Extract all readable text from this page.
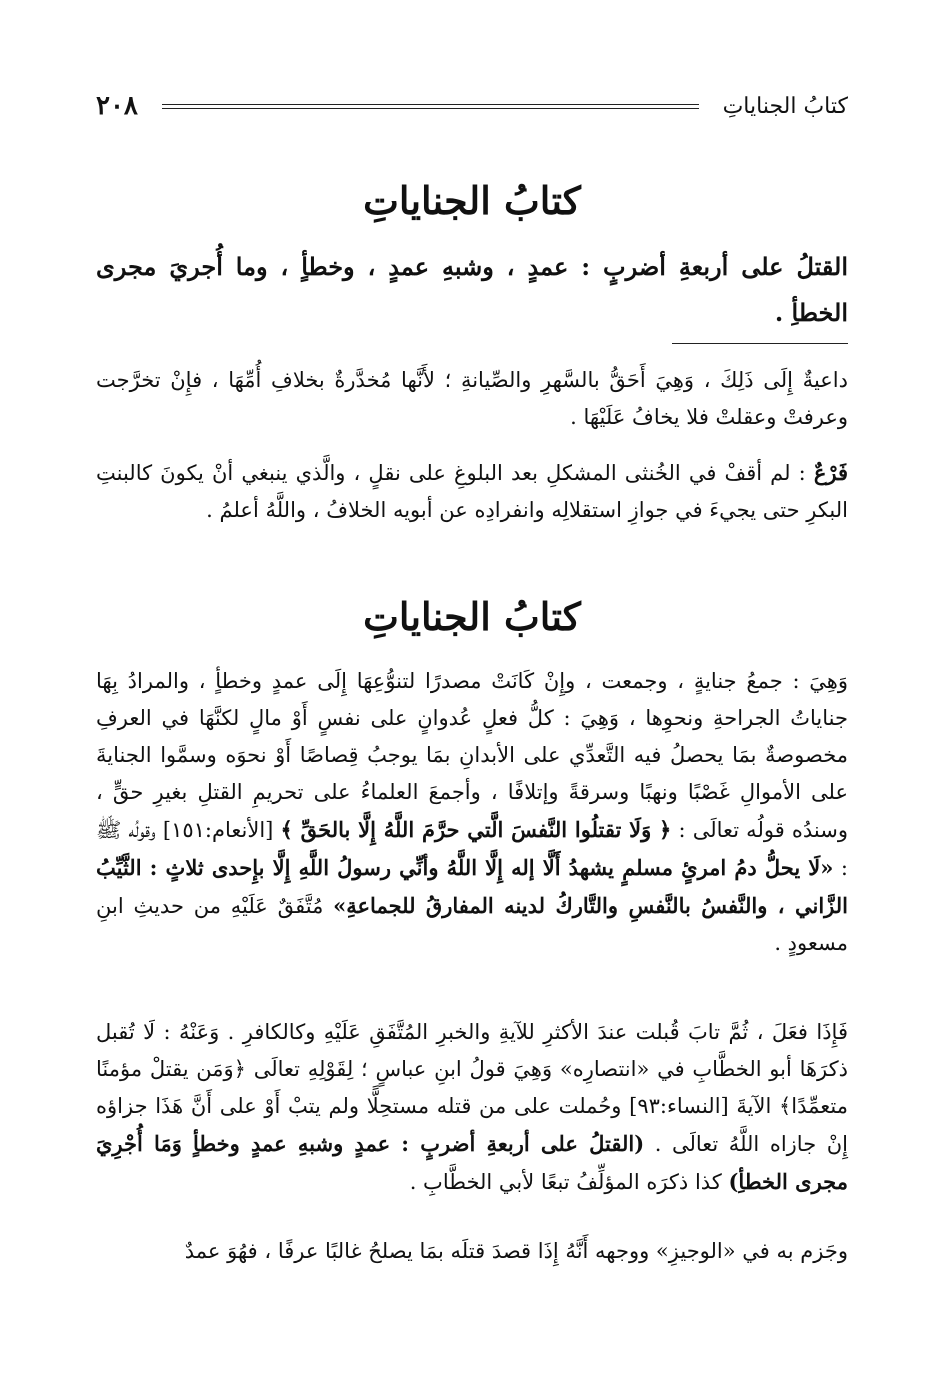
كتابُ الجناياتِ
٢٠٨
كتابُ الجناياتِ

القتلُ على أربعةِ أضربٍ : عمدٍ ، وشبهِ عمدٍ ، وخطأٍ ، وما أُجريَ مجرى الخطأِ .

داعيةٌ إِلَى ذَلِكَ ، وَهِيَ أَحَقُّ بالسَّهرِ والصِّيانةِ ؛ لأَنَّها مُخدَّرةٌ بخلافِ أُمِّهَا ، فإِنْ تخرَّجت وعرفتْ وعقلتْ فلا يخافُ عَلَيْهَا .

فَرْعٌ : لم أقفْ في الخُنثى المشكلِ بعد البلوغِ على نقلٍ ، والَّذي ينبغي أنْ يكونَ كالبنتِ البكرِ حتى يجيءَ في جوازِ استقلالِه وانفرادِه عن أبويه الخلافُ ، واللَّهُ أعلمُ .

كتابُ الجناياتِ

وَهِيَ : جمعُ جنايةٍ ، وجمعت ، وإِنْ كَانَتْ مصدرًا لتنوُّعِهَا إِلَى عمدٍ وخطأٍ ، والمرادُ بِهَا جناياتُ الجراحةِ ونحوِها ، وَهِيَ : كلُّ فعلٍ عُدوانٍ على نفسٍ أَوْ مالٍ لكنَّهَا في العرفِ مخصوصةٌ بمَا يحصلُ فيه التَّعدِّي على الأبدانِ بمَا يوجبُ قِصاصًا أَوْ نحوَه وسمَّوا الجنايةَ على الأموالِ غَصْبًا ونهبًا وسرقةً وإتلافًا ، وأجمعَ العلماءُ على تحريمِ القتلِ بغيرِ حقٍّ ، وسندُه قولُه تعالَى : ﴿ وَلَا تقتلُوا النَّفسَ الَّتي حرَّمَ اللَّهُ إِلَّا بالحَقِّ ﴾ [الأنعام:١٥١] وقولُه ﷺ : «لَا يحلُّ دمُ امرئٍ مسلمٍ يشهدُ أَلَّا إله إِلَّا اللَّهُ وأنِّي رسولُ اللَّهِ إِلَّا بإِحدى ثلاثٍ : الثَّيِّبُ الزَّاني ، والنَّفسُ بالنَّفسِ والتَّاركُ لدينه المفارقُ للجماعةِ» مُتَّفَقٌ عَلَيْهِ من حديثِ ابنِ مسعودٍ .

فَإِذَا فعَلَ ، ثُمَّ تابَ قُبلت عندَ الأكثرِ للآيةِ والخبرِ المُتَّفَقِ عَلَيْهِ وكالكافرِ . وَعَنْهُ : لَا تُقبل ذكرَهَا أبو الخطَّابِ في «انتصارِه» وَهِيَ قولُ ابنِ عباسٍ ؛ لِقَوْلِهِ تعالَى ﴿وَمَن يقتلْ مؤمنًا متعمِّدًا﴾ الآيةَ [النساء:٩٣] وحُملت على من قتله مستحِلًّا ولم يتبْ أَوْ على أَنَّ هَذَا جزاؤه إِنْ جازاه اللَّهُ تعالَى . (القتلُ على أربعةِ أضربٍ : عمدٍ وشبهِ عمدٍ وخطأٍ وَمَا أُجْرِيَ مجرى الخطأِ) كذا ذكرَه المؤلِّفُ تبعًا لأبي الخطَّابِ .

وجَزم به في «الوجيزِ» ووجهه أَنَّهُ إِذَا قصدَ قتلَه بمَا يصلحُ غالبًا عرفًا ، فهُوَ عمدٌ
